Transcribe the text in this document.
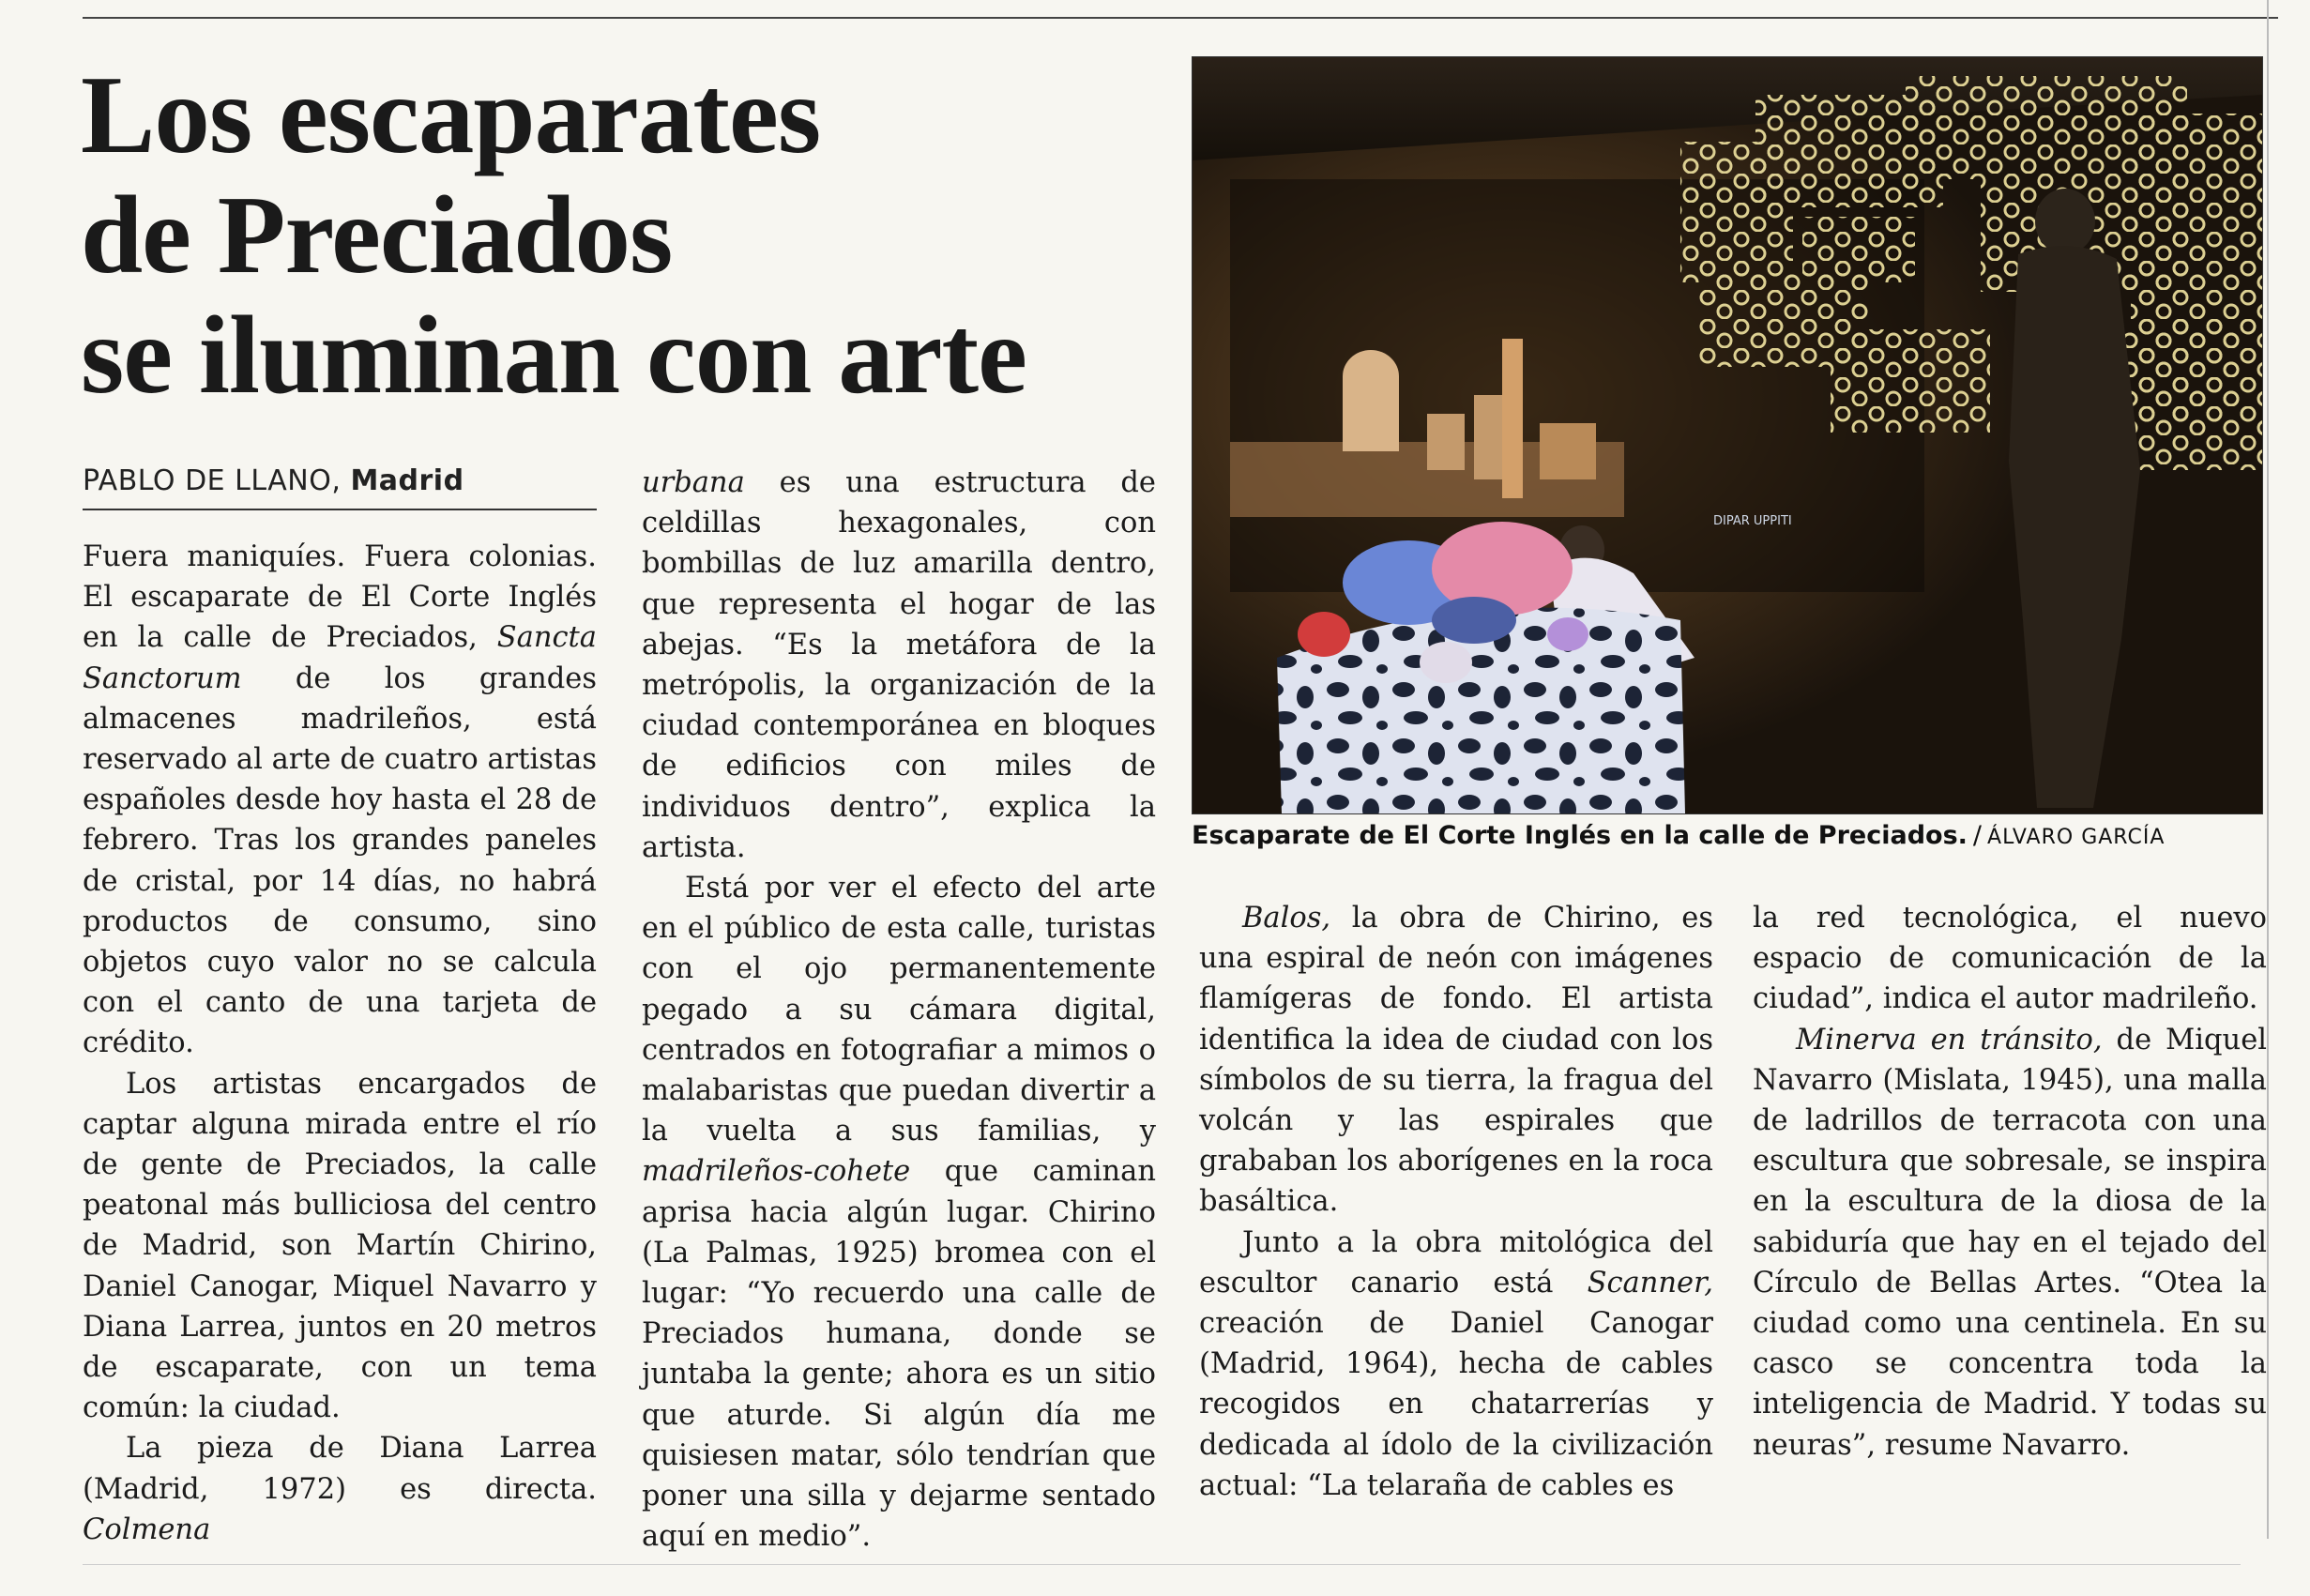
Los escaparates
de Preciados
se iluminan con arte
PABLO DE LLANO, Madrid

Fuera maniquíes. Fuera colonias. El escaparate de El Corte Inglés en la calle de Preciados, Sancta Sanctorum de los grandes almacenes madrileños, está reservado al arte de cuatro artistas españoles desde hoy hasta el 28 de febrero. Tras los grandes paneles de cristal, por 14 días, no habrá productos de consumo, sino objetos cuyo valor no se calcula con el canto de una tarjeta de crédito.

Los artistas encargados de captar alguna mirada entre el río de gente de Preciados, la calle peatonal más bulliciosa del centro de Madrid, son Martín Chirino, Daniel Canogar, Miquel Navarro y Diana Larrea, juntos en 20 metros de escaparate, con un tema común: la ciudad.

La pieza de Diana Larrea (Madrid, 1972) es directa. Colmena

urbana es una estructura de celdillas hexagonales, con bombillas de luz amarilla dentro, que representa el hogar de las abejas. “Es la metáfora de la metrópolis, la organización de la ciudad contemporánea en bloques de edificios con miles de individuos dentro”, explica la artista.

Está por ver el efecto del arte en el público de esta calle, turistas con el ojo permanentemente pegado a su cámara digital, centrados en fotografiar a mimos o malabaristas que puedan divertir a la vuelta a sus familias, y madrileños-cohete que caminan aprisa hacia algún lugar. Chirino (La Palmas, 1925) bromea con el lugar: “Yo recuerdo una calle de Preciados humana, donde se juntaba la gente; ahora es un sitio que aturde. Si algún día me quisiesen matar, sólo tendrían que poner una silla y dejarme sentado aquí en medio”.

Balos, la obra de Chirino, es una espiral de neón con imágenes flamígeras de fondo. El artista identifica la idea de ciudad con los símbolos de su tierra, la fragua del volcán y las espirales que grababan los aborígenes en la roca basáltica.

Junto a la obra mitológica del escultor canario está Scanner, creación de Daniel Canogar (Madrid, 1964), hecha de cables recogidos en chatarrerías y dedicada al ídolo de la civilización actual: “La telaraña de cables es

la red tecnológica, el nuevo espacio de comunicación de la ciudad”, indica el autor madrileño.

Minerva en tránsito, de Miquel Navarro (Mislata, 1945), una malla de ladrillos de terracota con una escultura que sobresale, se inspira en la escultura de la diosa de la sabiduría que hay en el tejado del Círculo de Bellas Artes. “Otea la ciudad como una centinela. En su casco se concentra toda la inteligencia de Madrid. Y todas su neuras”, resume Navarro.

DIPAR UPPITI
Escaparate de El Corte Inglés en la calle de Preciados. / ÁLVARO GARCÍA
